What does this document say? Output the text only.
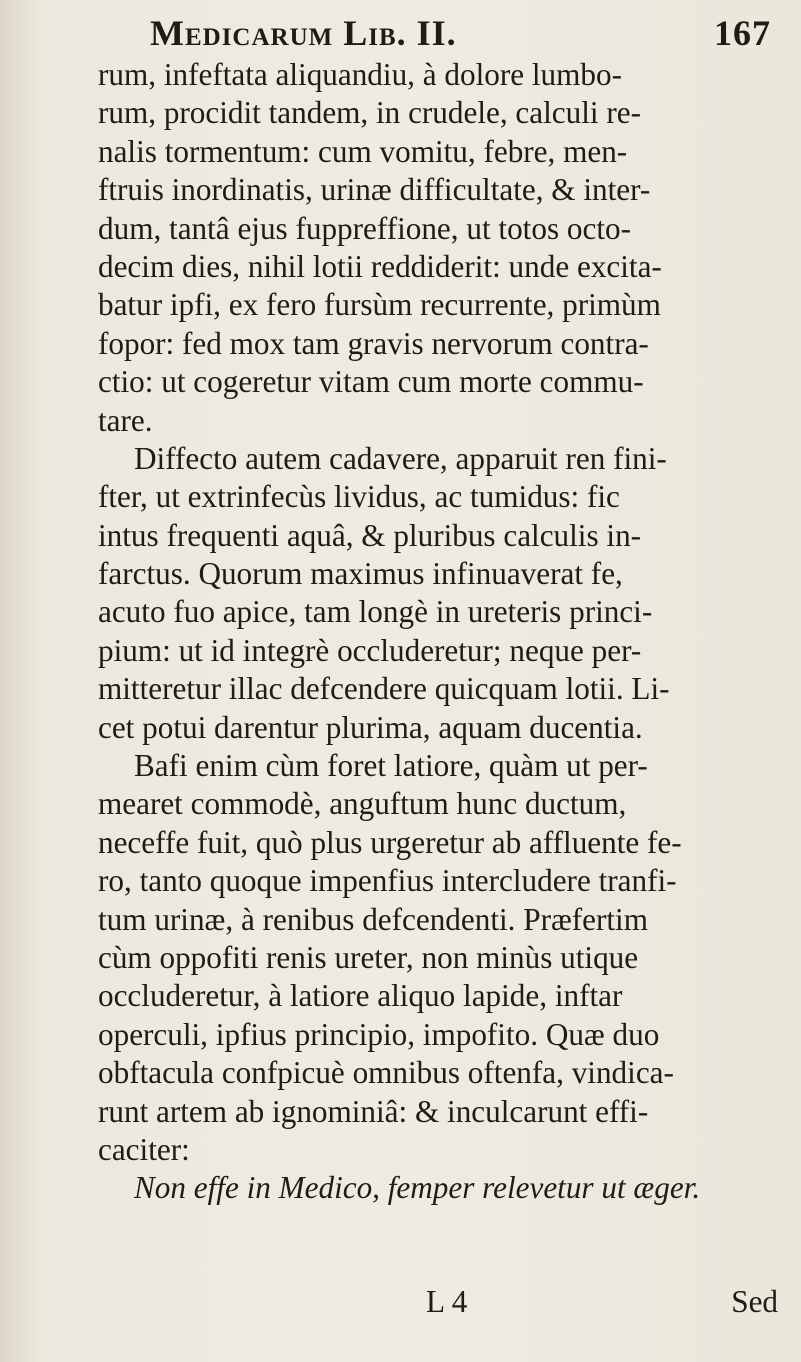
Medicarum Lib. II.	167
rum, infeftata aliquandiu, à dolore lumbo-
rum, procidit tandem, in crudele, calculi re-
nalis tormentum: cum vomitu, febre, men-
ftruis inordinatis, urinæ difficultate, & inter-
dum, tantâ ejus fuppreffione, ut totos octo-
decim dies, nihil lotii reddiderit: unde excita-
batur ipfi, ex fero fursùm recurrente, primùm
fopor: fed mox tam gravis nervorum contra-
ctio: ut cogeretur vitam cum morte commu-
tare.
Diffecto autem cadavere, apparuit ren fini-
fter, ut extrinfecùs lividus, ac tumidus: fic
intus frequenti aquâ, & pluribus calculis in-
farctus. Quorum maximus infinuaverat fe,
acuto fuo apice, tam longè in ureteris princi-
pium: ut id integrè occluderetur; neque per-
mitteretur illac defcendere quicquam lotii. Li-
cet potui darentur plurima, aquam ducentia.
Bafi enim cùm foret latiore, quàm ut per-
mearet commodè, anguftum hunc ductum,
neceffe fuit, quò plus urgeretur ab affluente fe-
ro, tanto quoque impenfius intercludere tranfi-
tum urinæ, à renibus defcendenti. Præfertim
cùm oppofiti renis ureter, non minùs utique
occluderetur, à latiore aliquo lapide, inftar
operculi, ipfius principio, impofito. Quæ duo
obftacula confpicuè omnibus oftenfa, vindica-
runt artem ab ignominiâ: & inculcarunt effi-
caciter:
Non effe in Medico, femper relevetur ut æger.
L 4	Sed
